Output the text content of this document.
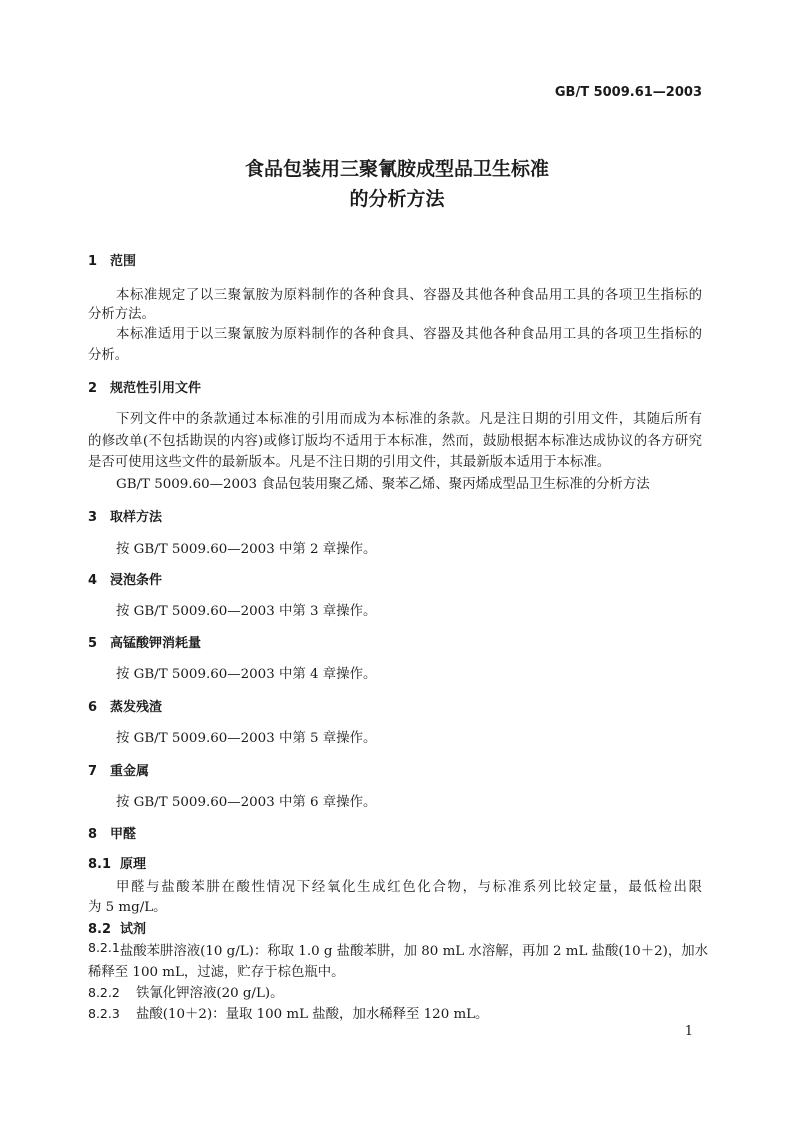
GB/T 5009.61—2003
食品包装用三聚氰胺成型品卫生标准
的分析方法
1 范围
本标准规定了以三聚氰胺为原料制作的各种食具、容器及其他各种食品用工具的各项卫生指标的
分析方法。
本标准适用于以三聚氰胺为原料制作的各种食具、容器及其他各种食品用工具的各项卫生指标的
分析。
2 规范性引用文件
下列文件中的条款通过本标准的引用而成为本标准的条款。凡是注日期的引用文件，其随后所有
的修改单(不包括勘误的内容)或修订版均不适用于本标准，然而，鼓励根据本标准达成协议的各方研究
是否可使用这些文件的最新版本。凡是不注日期的引用文件，其最新版本适用于本标准。
GB/T 5009.60—2003 食品包装用聚乙烯、聚苯乙烯、聚丙烯成型品卫生标准的分析方法
3 取样方法
按 GB/T 5009.60—2003 中第 2 章操作。
4 浸泡条件
按 GB/T 5009.60—2003 中第 3 章操作。
5 高锰酸钾消耗量
按 GB/T 5009.60—2003 中第 4 章操作。
6 蒸发残渣
按 GB/T 5009.60—2003 中第 5 章操作。
7 重金属
按 GB/T 5009.60—2003 中第 6 章操作。
8 甲醛
8.1 原理
甲醛与盐酸苯肼在酸性情况下经氧化生成红色化合物，与标准系列比较定量，最低检出限
为 5 mg/L。
8.2 试剂
8.2.1 盐酸苯肼溶液(10 g/L)：称取 1.0 g 盐酸苯肼，加 80 mL 水溶解，再加 2 mL 盐酸(10＋2)，加水
稀释至 100 mL，过滤，贮存于棕色瓶中。
8.2.2 铁氰化钾溶液(20 g/L)。
8.2.3 盐酸(10＋2)：量取 100 mL 盐酸，加水稀释至 120 mL。
1
